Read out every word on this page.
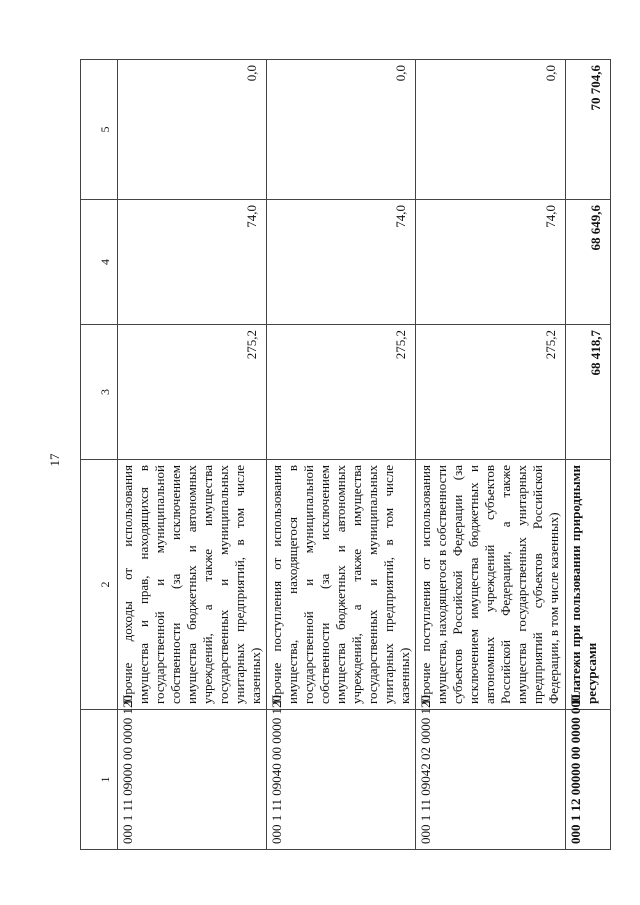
17
1	2	3	4	5
000 1 11 09000 00 0000 120	Прочие доходы от использования имущества и прав, находящихся в государственной и муниципальной собственности (за исключением имущества бюджетных и автономных учреждений, а также имущества государственных и муниципальных унитарных предприятий, в том числе казенных)	275,2	74,0	0,0
000 1 11 09040 00 0000 120	Прочие поступления от использования имущества, находящегося в государственной и муниципальной собственности (за исключением имущества бюджетных и автономных учреждений, а также имущества государственных и муниципальных унитарных предприятий, в том числе казенных)	275,2	74,0	0,0
000 1 11 09042 02 0000 120	Прочие поступления от использования имущества, находящегося в собственности субъектов Российской Федерации (за исключением имущества бюджетных и автономных учреждений субъектов Российской Федерации, а также имущества государственных унитарных предприятий субъектов Российской Федерации, в том числе казенных)	275,2	74,0	0,0
000 1 12 00000 00 0000 000	Платежи при пользовании природными ресурсами	68 418,7	68 649,6	70 704,6
